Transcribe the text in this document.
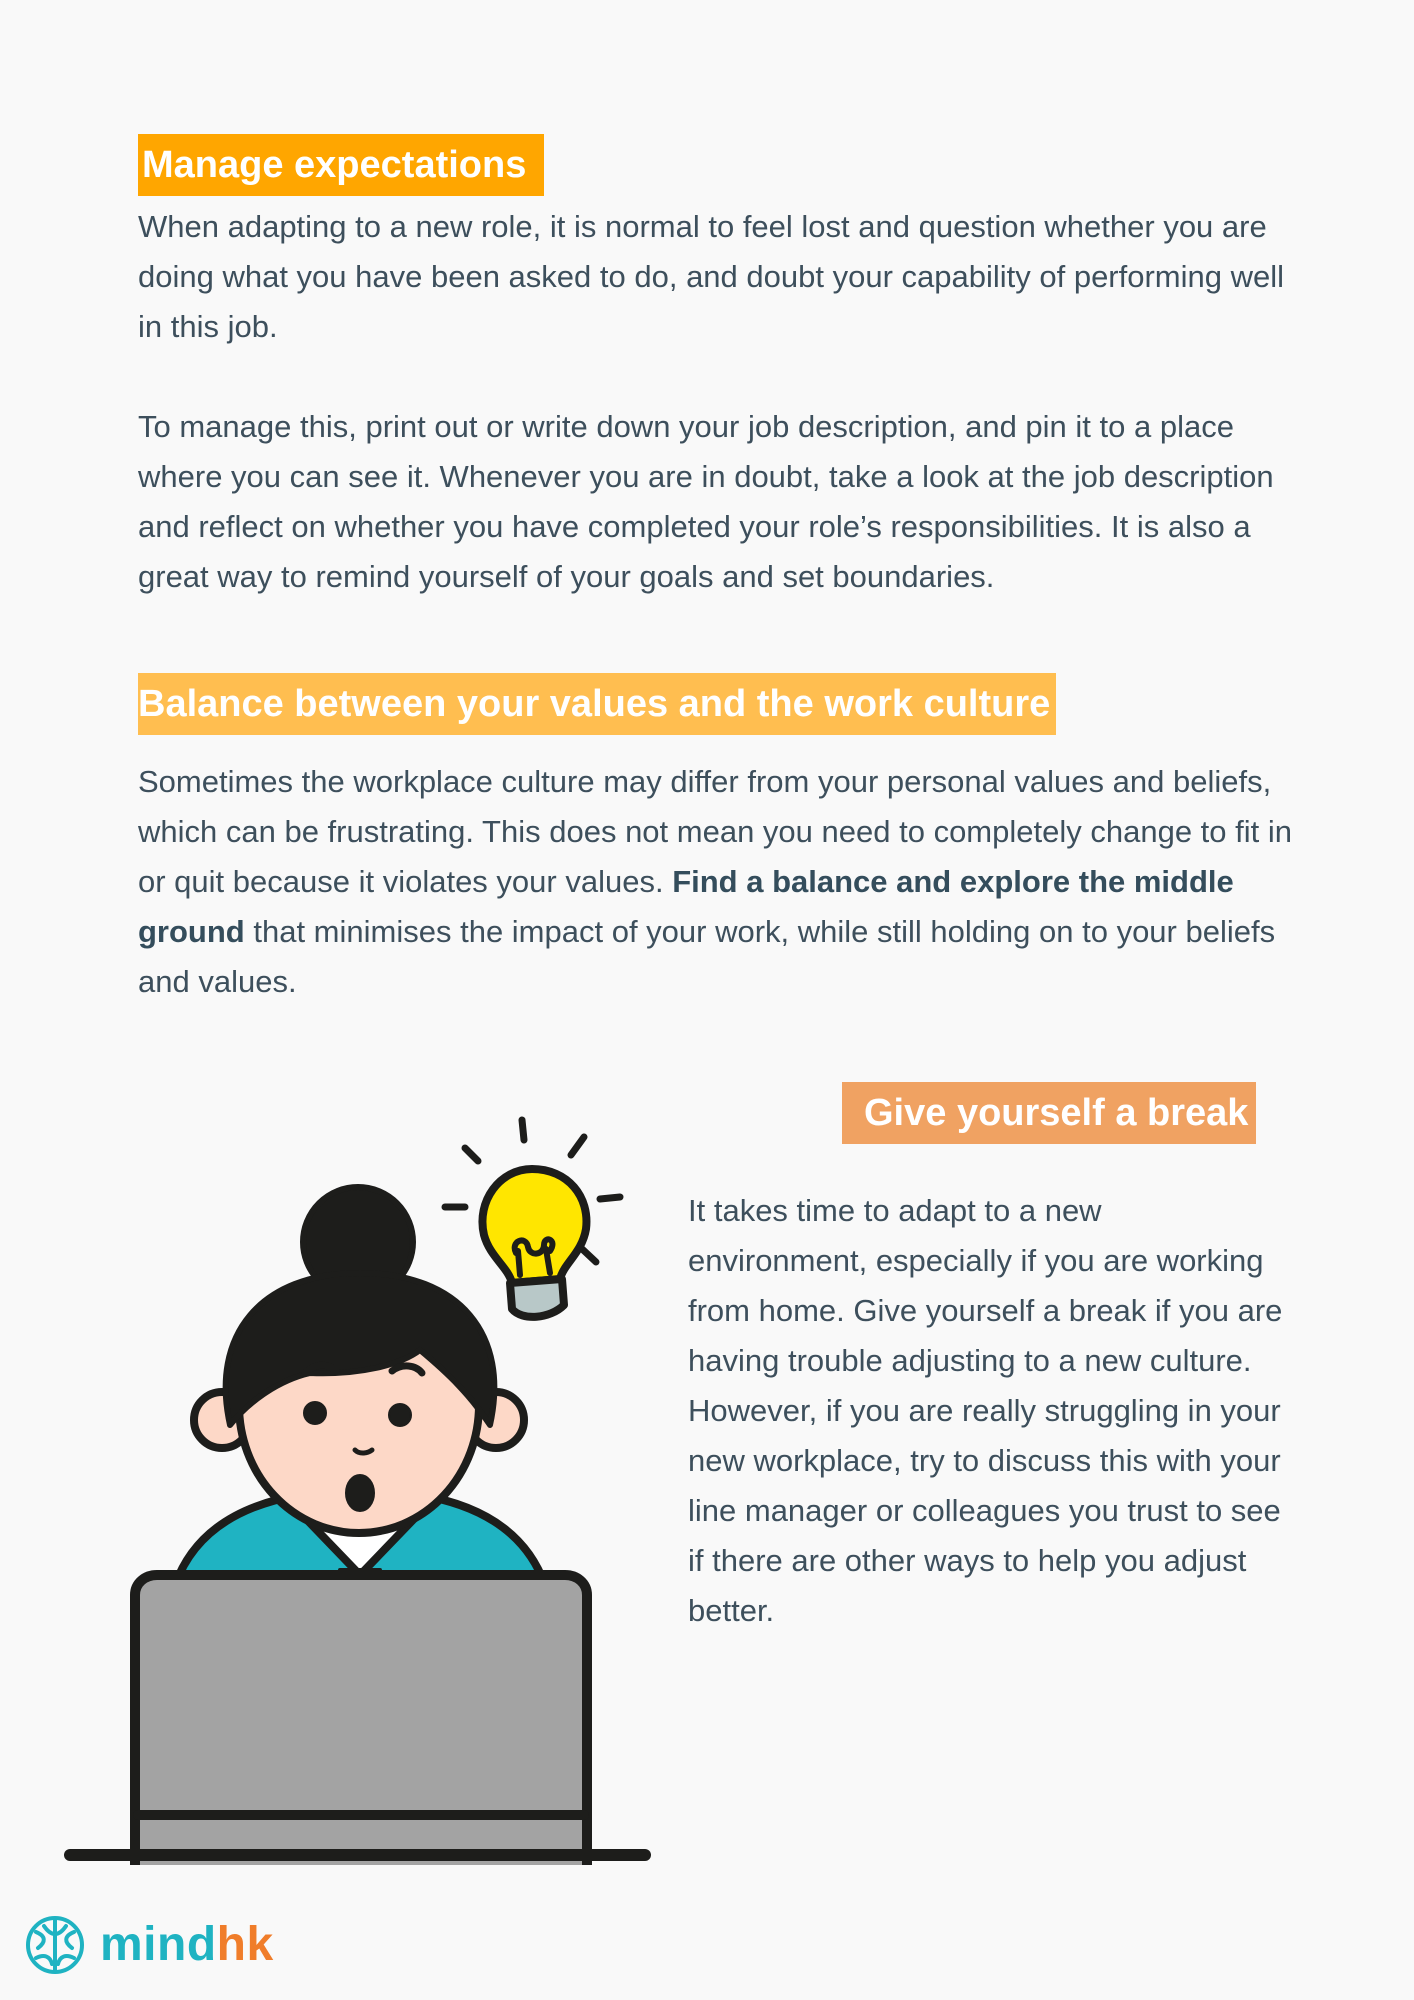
Manage expectations

When adapting to a new role, it is normal to feel lost and question whether you are doing what you have been asked to do, and doubt your capability of performing well in this job.

To manage this, print out or write down your job description, and pin it to a place where you can see it. Whenever you are in doubt, take a look at the job description and reflect on whether you have completed your role’s responsibilities. It is also a great way to remind yourself of your goals and set boundaries.

Balance between your values and the work culture

Sometimes the workplace culture may differ from your personal values and beliefs, which can be frustrating. This does not mean you need to completely change to fit in or quit because it violates your values. Find a balance and explore the middle ground that minimises the impact of your work, while still holding on to your beliefs and values.

Give yourself a break

It takes time to adapt to a new environment, especially if you are working from home. Give yourself a break if you are having trouble adjusting to a new culture. However, if you are really struggling in your new workplace, try to discuss this with your line manager or colleagues you trust to see if there are other ways to help you adjust better.

mindhk
